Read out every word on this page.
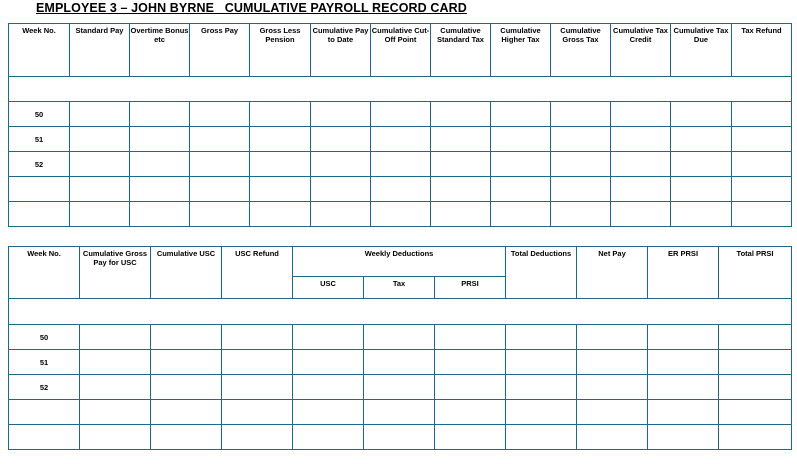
EMPLOYEE 3 – JOHN BYRNE   CUMULATIVE PAYROLL RECORD CARD
Week No.	Standard Pay	Overtime Bonus etc	Gross Pay	Gross Less Pension	Cumulative Pay to Date	Cumulative Cut-Off Point	Cumulative Standard Tax	Cumulative Higher Tax	Cumulative Gross Tax	Cumulative Tax Credit	Cumulative Tax Due	Tax Refund

50												
51												
52												

Week No.	Cumulative Gross Pay for USC	Cumulative USC	USC Refund	Weekly Deductions			Total Deductions	Net Pay	ER PRSI	Total PRSI

				USC	Tax	PRSI				

50										
51										
52										
